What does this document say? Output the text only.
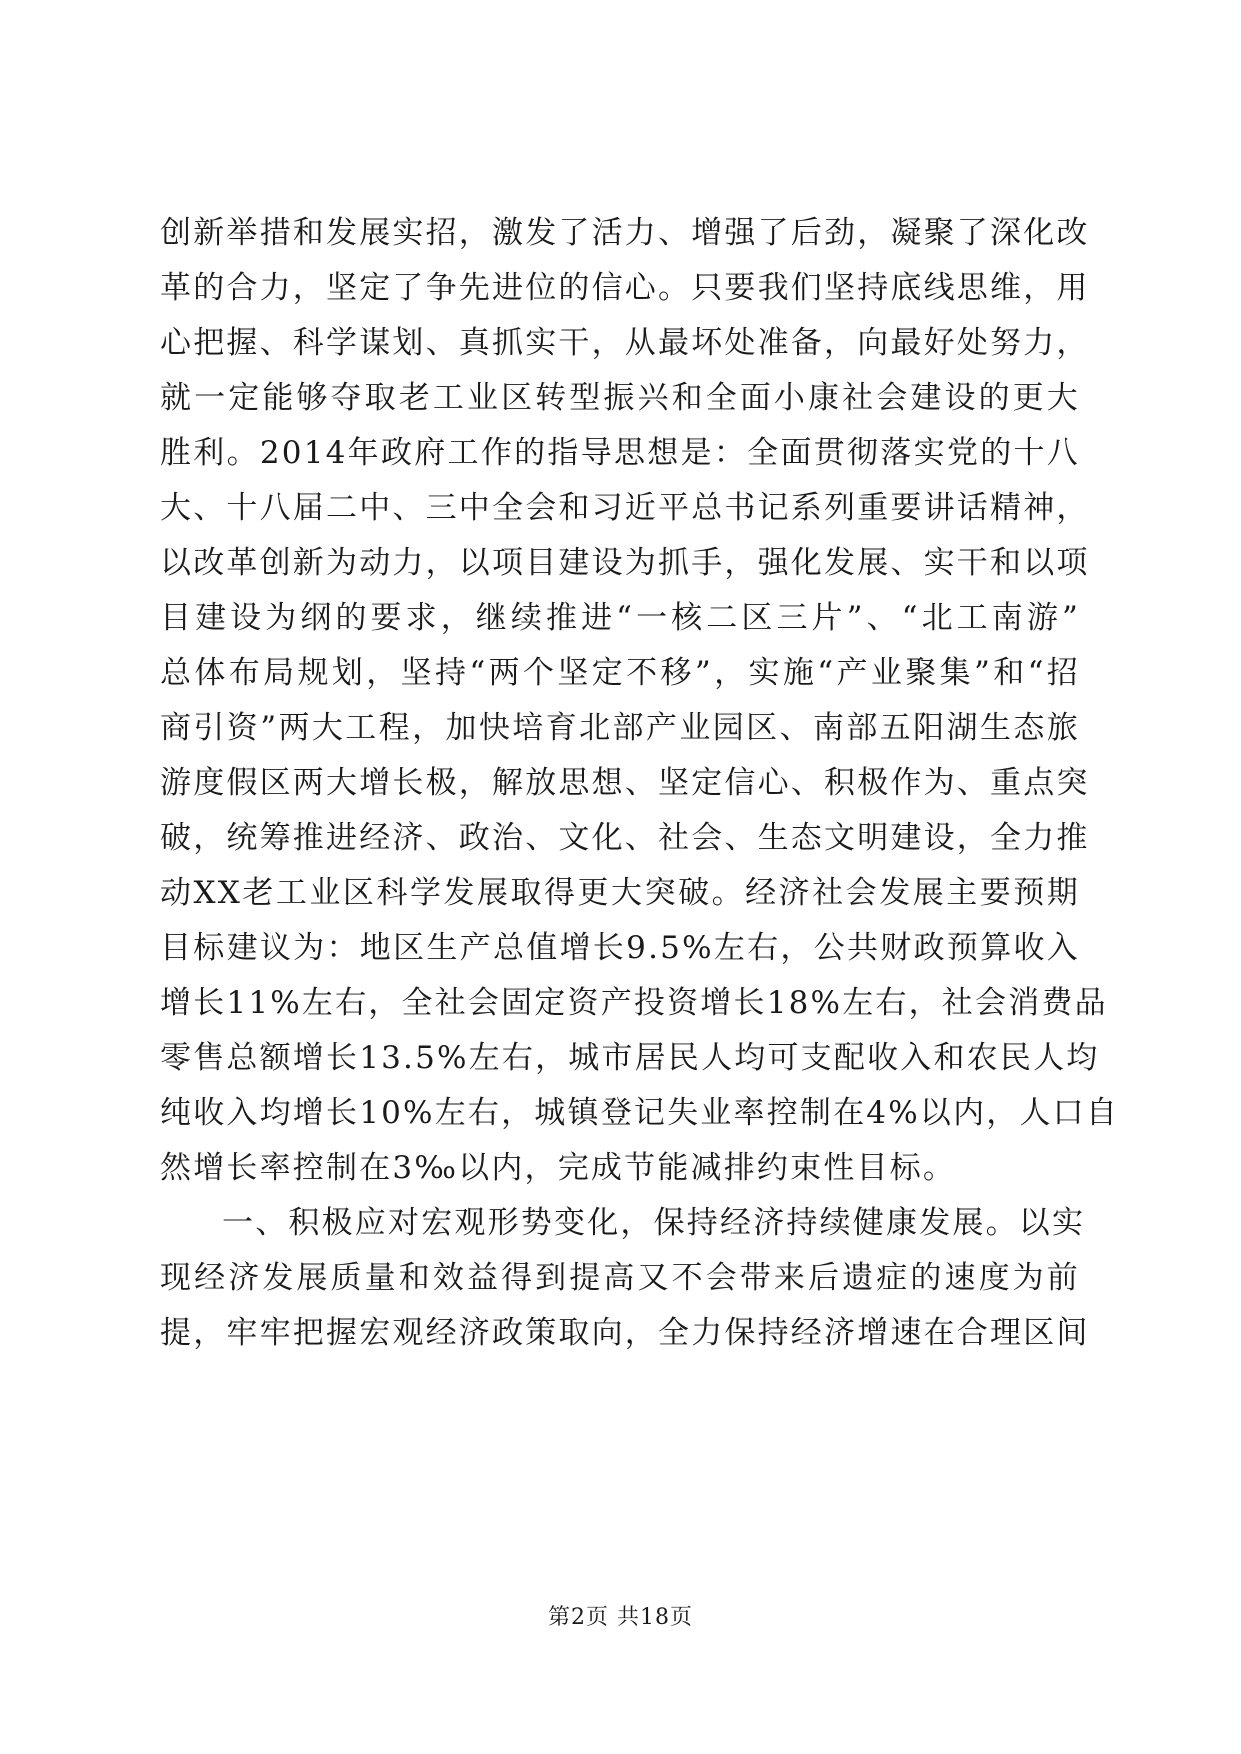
创新举措和发展实招，激发了活力、增强了后劲，凝聚了深化改
革的合力，坚定了争先进位的信心。只要我们坚持底线思维，用
心把握、科学谋划、真抓实干，从最坏处准备，向最好处努力，
就一定能够夺取老工业区转型振兴和全面小康社会建设的更大
胜利。2014年政府工作的指导思想是：全面贯彻落实党的十八
大、十八届二中、三中全会和习近平总书记系列重要讲话精神，
以改革创新为动力，以项目建设为抓手，强化发展、实干和以项
目建设为纲的要求，继续推进“一核二区三片”、“北工南游”
总体布局规划，坚持“两个坚定不移”，实施“产业聚集”和“招
商引资”两大工程，加快培育北部产业园区、南部五阳湖生态旅
游度假区两大增长极，解放思想、坚定信心、积极作为、重点突
破，统筹推进经济、政治、文化、社会、生态文明建设，全力推
动XX老工业区科学发展取得更大突破。经济社会发展主要预期
目标建议为：地区生产总值增长9.5%左右，公共财政预算收入
增长11%左右，全社会固定资产投资增长18%左右，社会消费品
零售总额增长13.5%左右，城市居民人均可支配收入和农民人均
纯收入均增长10%左右，城镇登记失业率控制在4%以内，人口自
然增长率控制在3‰以内，完成节能减排约束性目标。
一、积极应对宏观形势变化，保持经济持续健康发展。以实
现经济发展质量和效益得到提高又不会带来后遗症的速度为前
提，牢牢把握宏观经济政策取向，全力保持经济增速在合理区间
第2页 共18页
